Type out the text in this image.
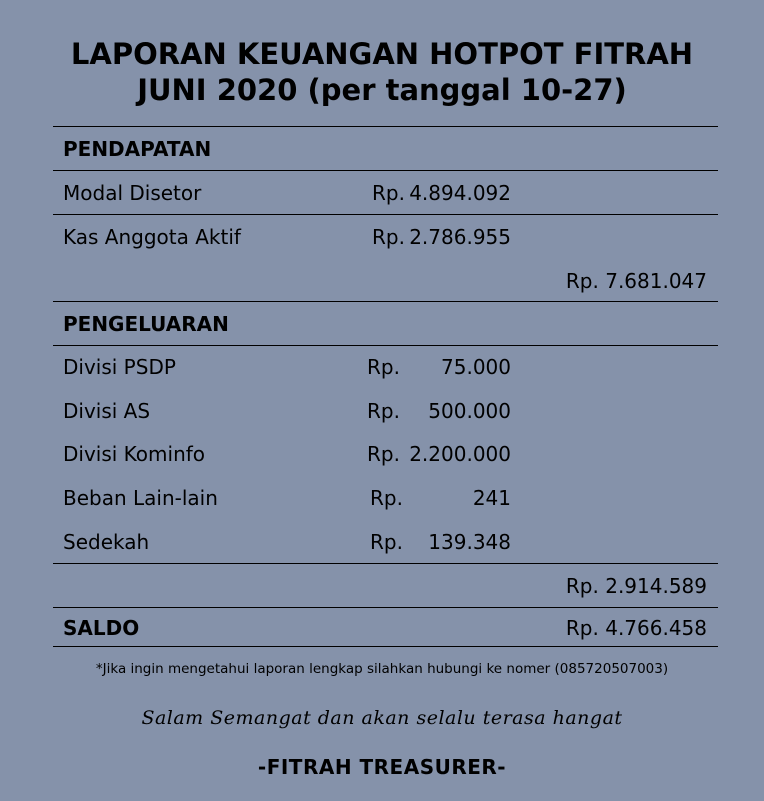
LAPORAN KEUANGAN HOTPOT FITRAH
JUNI 2020 (per tanggal 10-27)
PENDAPATAN
Modal Disetor	Rp. 4.894.092
Kas Anggota Aktif	Rp. 2.786.955
Rp. 7.681.047
PENGELUARAN
Divisi PSDP	Rp.	75.000
Divisi AS	Rp.	500.000
Divisi Kominfo	Rp. 2.200.000
Beban Lain-lain	Rp.	241
Sedekah	Rp.	139.348
Rp. 2.914.589
SALDO	Rp. 4.766.458
*Jika ingin mengetahui laporan lengkap silahkan hubungi ke nomer (085720507003)
Salam Semangat dan akan selalu terasa hangat
-FITRAH TREASURER-
